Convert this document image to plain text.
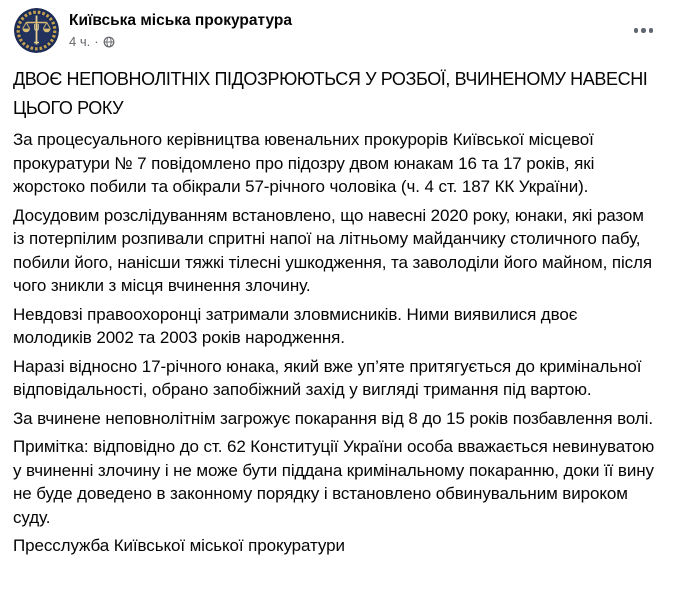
Київська міська прокуратура
4 ч. ·

ДВОЄ НЕПОВНОЛІТНІХ ПІДОЗРЮЮТЬСЯ У РОЗБОЇ, ВЧИНЕНОМУ НАВЕСНІ ЦЬОГО РОКУ

За процесуального керівництва ювенальних прокурорів Київської місцевої прокуратури № 7 повідомлено про підозру двом юнакам 16 та 17 років, які жорстоко побили та обікрали 57-річного чоловіка (ч. 4 ст. 187 КК України).

Досудовим розслідуванням встановлено, що навесні 2020 року, юнаки, які разом із потерпілим розпивали спритні напої на літньому майданчику столичного пабу, побили його, нанісши тяжкі тілесні ушкодження, та заволоділи його майном, після чого зникли з місця вчинення злочину.

Невдовзі правоохоронці затримали зловмисників. Ними виявилися двоє молодиків 2002 та 2003 років народження.

Наразі відносно 17-річного юнака, який вже уп’яте притягується до кримінальної відповідальності, обрано запобіжний захід у вигляді тримання під вартою.

За вчинене неповнолітнім загрожує покарання від 8 до 15 років позбавлення волі.

Примітка: відповідно до ст. 62 Конституції України особа вважається невинуватою у вчиненні злочину і не може бути піддана кримінальному покаранню, доки її вину не буде доведено в законному порядку і встановлено обвинувальним вироком суду.

Пресслужба Київської міської прокуратури
